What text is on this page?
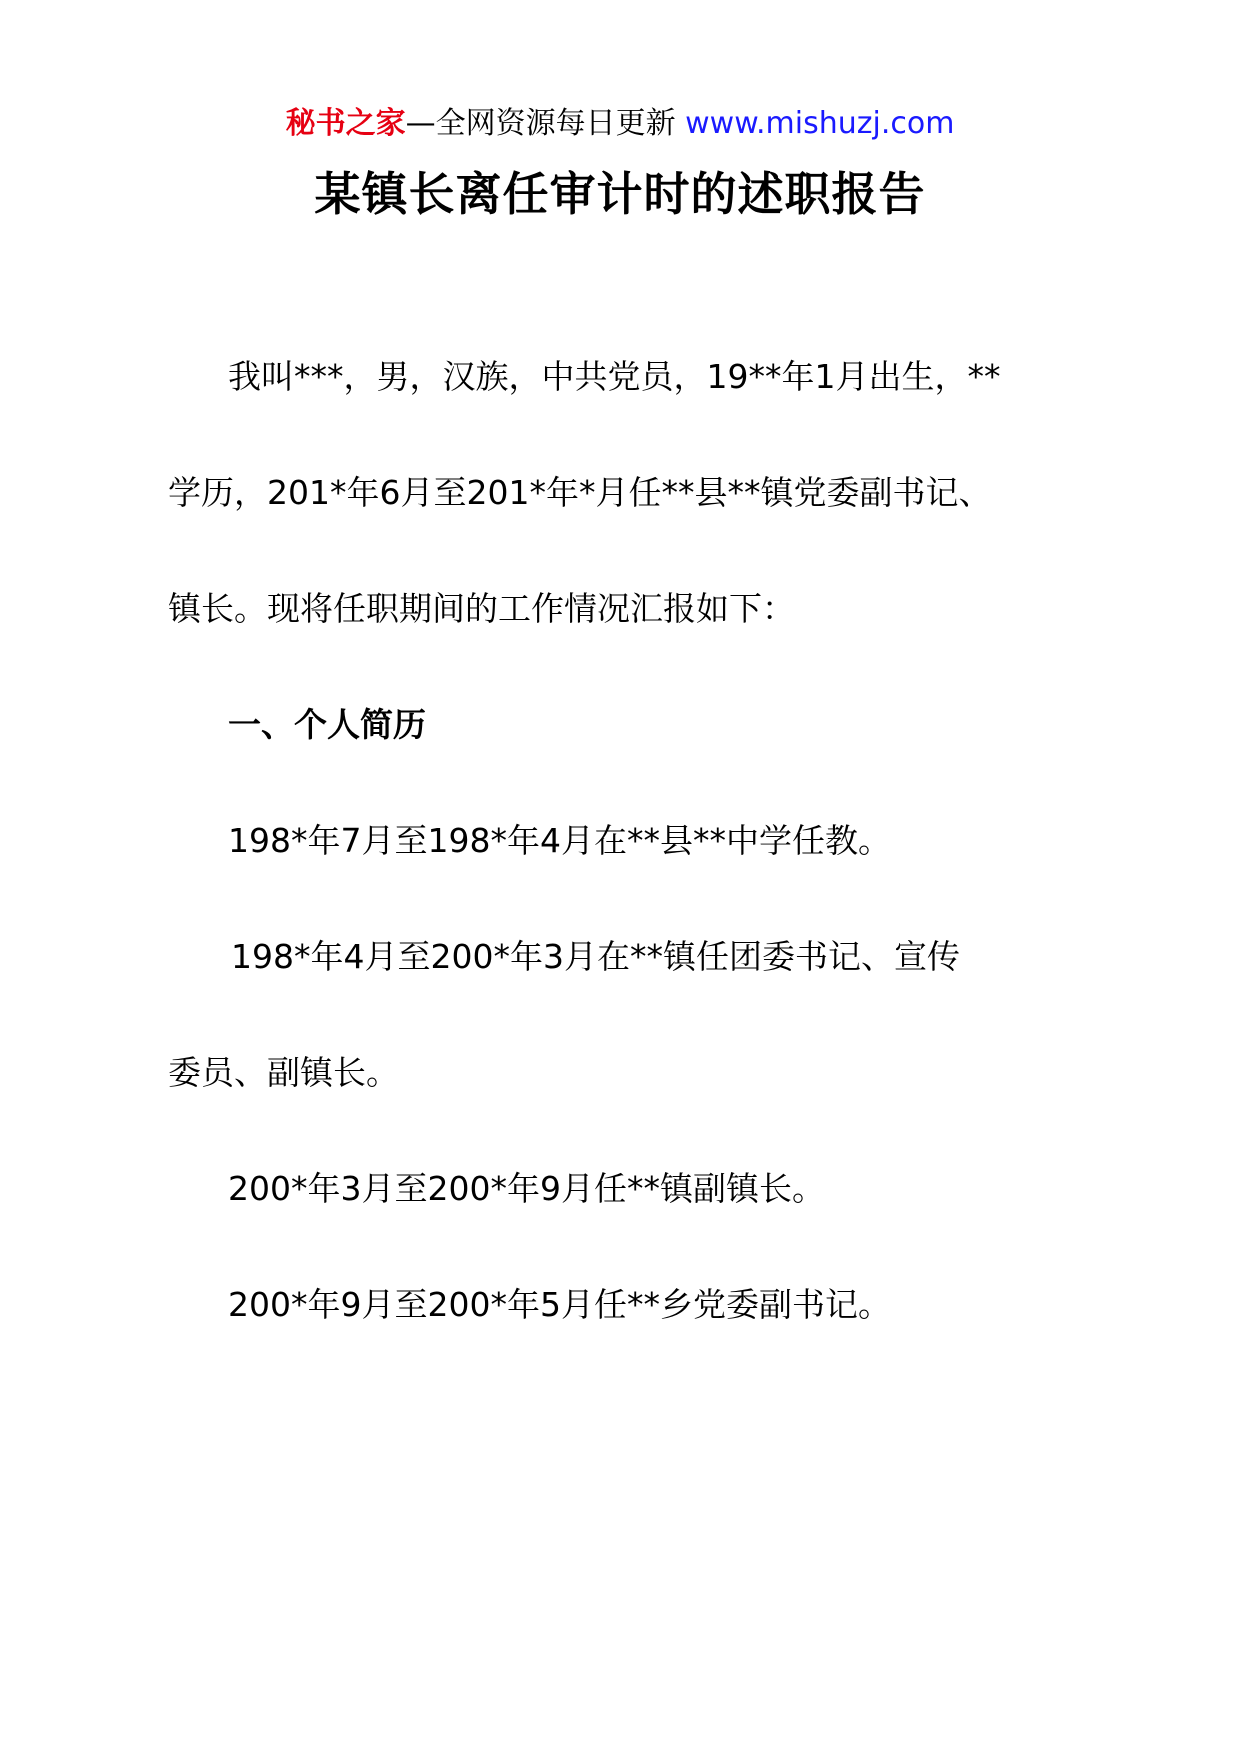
秘书之家—全网资源每日更新 www.mishuzj.com
某镇长离任审计时的述职报告
我叫***，男，汉族，中共党员，19**年1月出生，**
学历，201*年6月至201*年*月任**县**镇党委副书记、
镇长。现将任职期间的工作情况汇报如下：
一、个人简历
198*年7月至198*年4月在**县**中学任教。
198*年4月至200*年3月在**镇任团委书记、宣传
委员、副镇长。
200*年3月至200*年9月任**镇副镇长。
200*年9月至200*年5月任**乡党委副书记。
